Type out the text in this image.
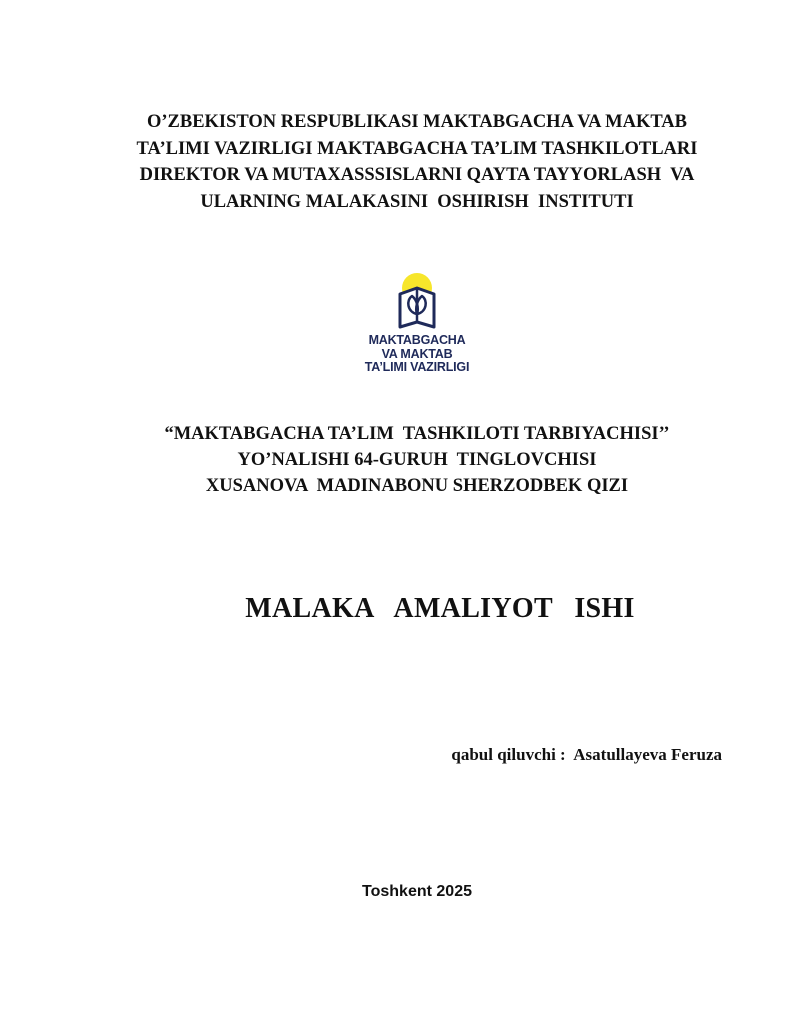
O’ZBEKISTON RESPUBLIKASI MAKTABGACHA VA MAKTAB
TA’LIMI VAZIRLIGI MAKTABGACHA TA’LIM TASHKILOTLARI
DIREKTOR VA MUTAXASSSISLARNI QAYTA TAYYORLASH  VA
ULARNING MALAKASINI  OSHIRISH  INSTITUTI
MAKTABGACHA
VA MAKTAB
TA’LIMI VAZIRLIGI
“MAKTABGACHA TA’LIM  TASHKILOTI TARBIYACHISI’’
YO’NALISHI 64-GURUH  TINGLOVCHISI
XUSANOVA  MADINABONU SHERZODBEK QIZI
MALAKA   AMALIYOT   ISHI
qabul qiluvchi :  Asatullayeva Feruza
Toshkent 2025
